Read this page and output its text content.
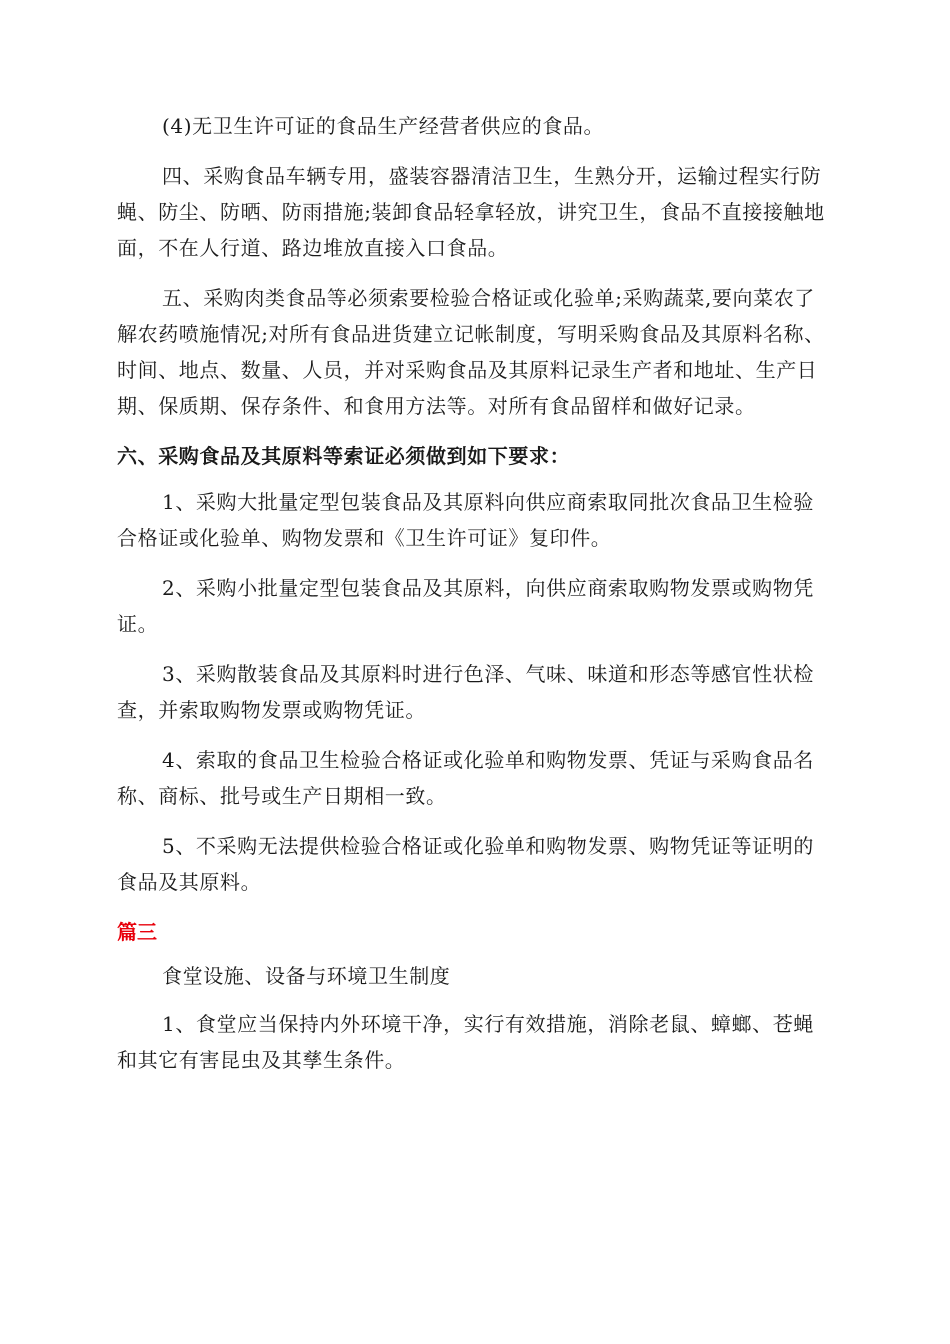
(4)无卫生许可证的食品生产经营者供应的食品。

四、采购食品车辆专用，盛装容器清洁卫生，生熟分开，运输过程实行防蝇、防尘、防晒、防雨措施;装卸食品轻拿轻放，讲究卫生，食品不直接接触地面，不在人行道、路边堆放直接入口食品。

五、采购肉类食品等必须索要检验合格证或化验单;采购蔬菜,要向菜农了解农药喷施情况;对所有食品进货建立记帐制度，写明采购食品及其原料名称、时间、地点、数量、人员，并对采购食品及其原料记录生产者和地址、生产日期、保质期、保存条件、和食用方法等。对所有食品留样和做好记录。

六、采购食品及其原料等索证必须做到如下要求：

1、采购大批量定型包装食品及其原料向供应商索取同批次食品卫生检验合格证或化验单、购物发票和《卫生许可证》复印件。

2、采购小批量定型包装食品及其原料，向供应商索取购物发票或购物凭证。

3、采购散装食品及其原料时进行色泽、气味、味道和形态等感官性状检查，并索取购物发票或购物凭证。

4、索取的食品卫生检验合格证或化验单和购物发票、凭证与采购食品名称、商标、批号或生产日期相一致。

5、不采购无法提供检验合格证或化验单和购物发票、购物凭证等证明的食品及其原料。

篇三

食堂设施、设备与环境卫生制度

1、食堂应当保持内外环境干净，实行有效措施，消除老鼠、蟑螂、苍蝇和其它有害昆虫及其孳生条件。
